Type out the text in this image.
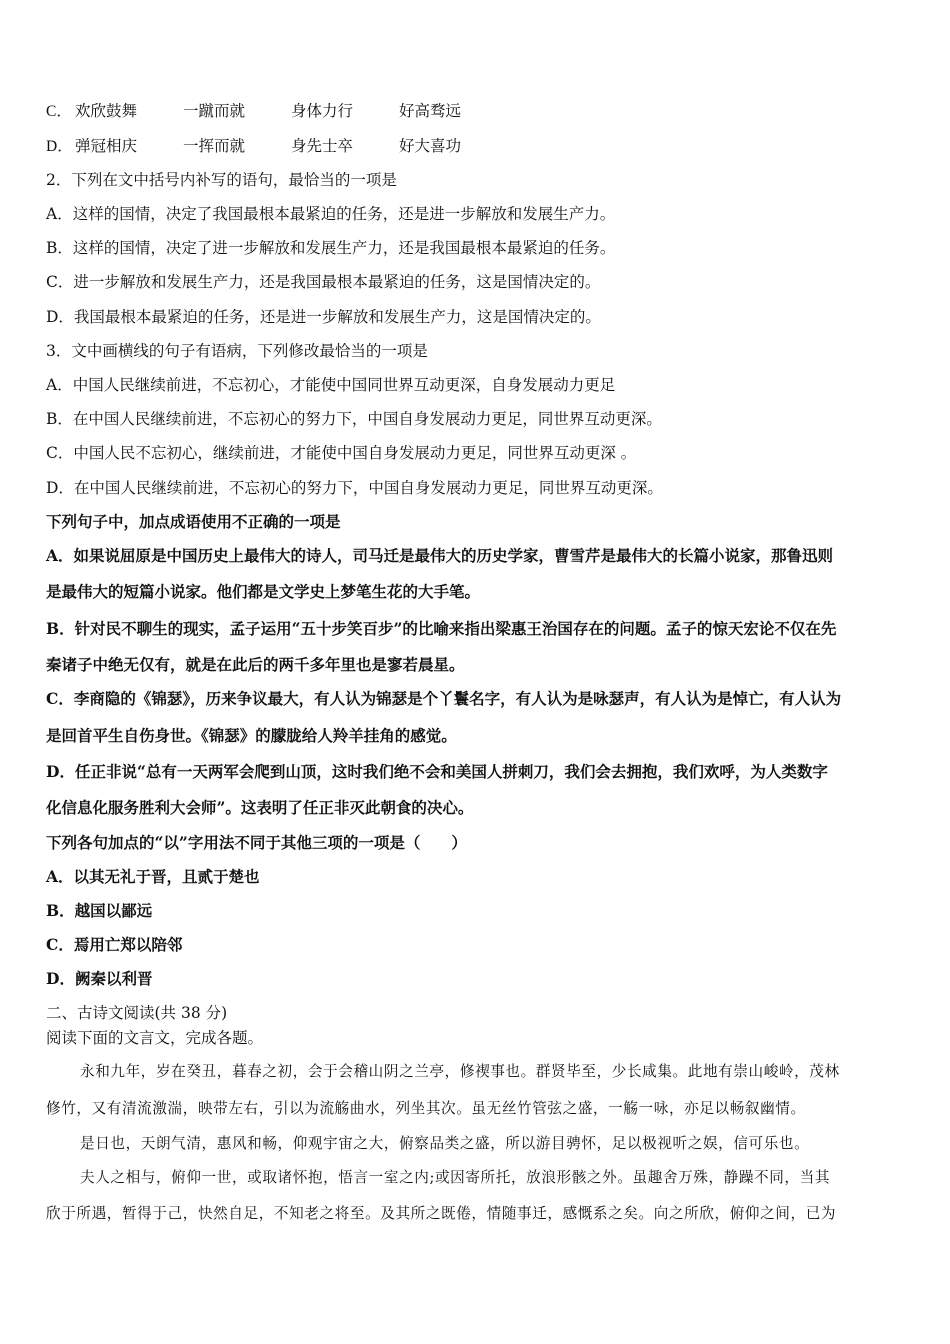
C． 欢欣鼓舞	一蹴而就	身体力行	好高骛远
D． 弹冠相庆	一挥而就	身先士卒	好大喜功
2．下列在文中括号内补写的语句，最恰当的一项是
A．这样的国情，决定了我国最根本最紧迫的任务，还是进一步解放和发展生产力。
B．这样的国情，决定了进一步解放和发展生产力，还是我国最根本最紧迫的任务。
C．进一步解放和发展生产力，还是我国最根本最紧迫的任务，这是国情决定的。
D．我国最根本最紧迫的任务，还是进一步解放和发展生产力，这是国情决定的。
3．文中画横线的句子有语病，下列修改最恰当的一项是
A．中国人民继续前进，不忘初心，才能使中国同世界互动更深，自身发展动力更足
B．在中国人民继续前进，不忘初心的努力下，中国自身发展动力更足，同世界互动更深。
C．中国人民不忘初心，继续前进，才能使中国自身发展动力更足，同世界互动更深 。
D．在中国人民继续前进，不忘初心的努力下，中国自身发展动力更足，同世界互动更深。
下列句子中，加点成语使用不正确的一项是
A．如果说屈原是中国历史上最伟大的诗人，司马迁是最伟大的历史学家，曹雪芹是最伟大的长篇小说家，那鲁迅则
是最伟大的短篇小说家。他们都是文学史上梦笔生花的大手笔。
B．针对民不聊生的现实，孟子运用“五十步笑百步”的比喻来指出梁惠王治国存在的问题。孟子的惊天宏论不仅在先
秦诸子中绝无仅有，就是在此后的两千多年里也是寥若晨星。
C．李商隐的《锦瑟》，历来争议最大，有人认为锦瑟是个丫鬟名字，有人认为是咏瑟声，有人认为是悼亡，有人认为
是回首平生自伤身世。《锦瑟》的朦胧给人羚羊挂角的感觉。
D．任正非说“总有一天两军会爬到山顶，这时我们绝不会和美国人拼刺刀，我们会去拥抱，我们欢呼，为人类数字
化信息化服务胜利大会师”。这表明了任正非灭此朝食的决心。
下列各句加点的“以”字用法不同于其他三项的一项是（　　）
A．以其无礼于晋，且贰于楚也
B．越国以鄙远
C．焉用亡郑以陪邻
D．阙秦以利晋
二、古诗文阅读(共 38 分)
阅读下面的文言文，完成各题。
永和九年，岁在癸丑，暮春之初，会于会稽山阴之兰亭，修禊事也。群贤毕至，少长咸集。此地有崇山峻岭，茂林
修竹，又有清流激湍，映带左右，引以为流觞曲水，列坐其次。虽无丝竹管弦之盛，一觞一咏，亦足以畅叙幽情。
是日也，天朗气清，惠风和畅，仰观宇宙之大，俯察品类之盛，所以游目骋怀，足以极视听之娱，信可乐也。
夫人之相与，俯仰一世，或取诸怀抱，悟言一室之内;或因寄所托，放浪形骸之外。虽趣舍万殊，静躁不同，当其
欣于所遇，暂得于己，快然自足，不知老之将至。及其所之既倦，情随事迁，感慨系之矣。向之所欣，俯仰之间，已为
